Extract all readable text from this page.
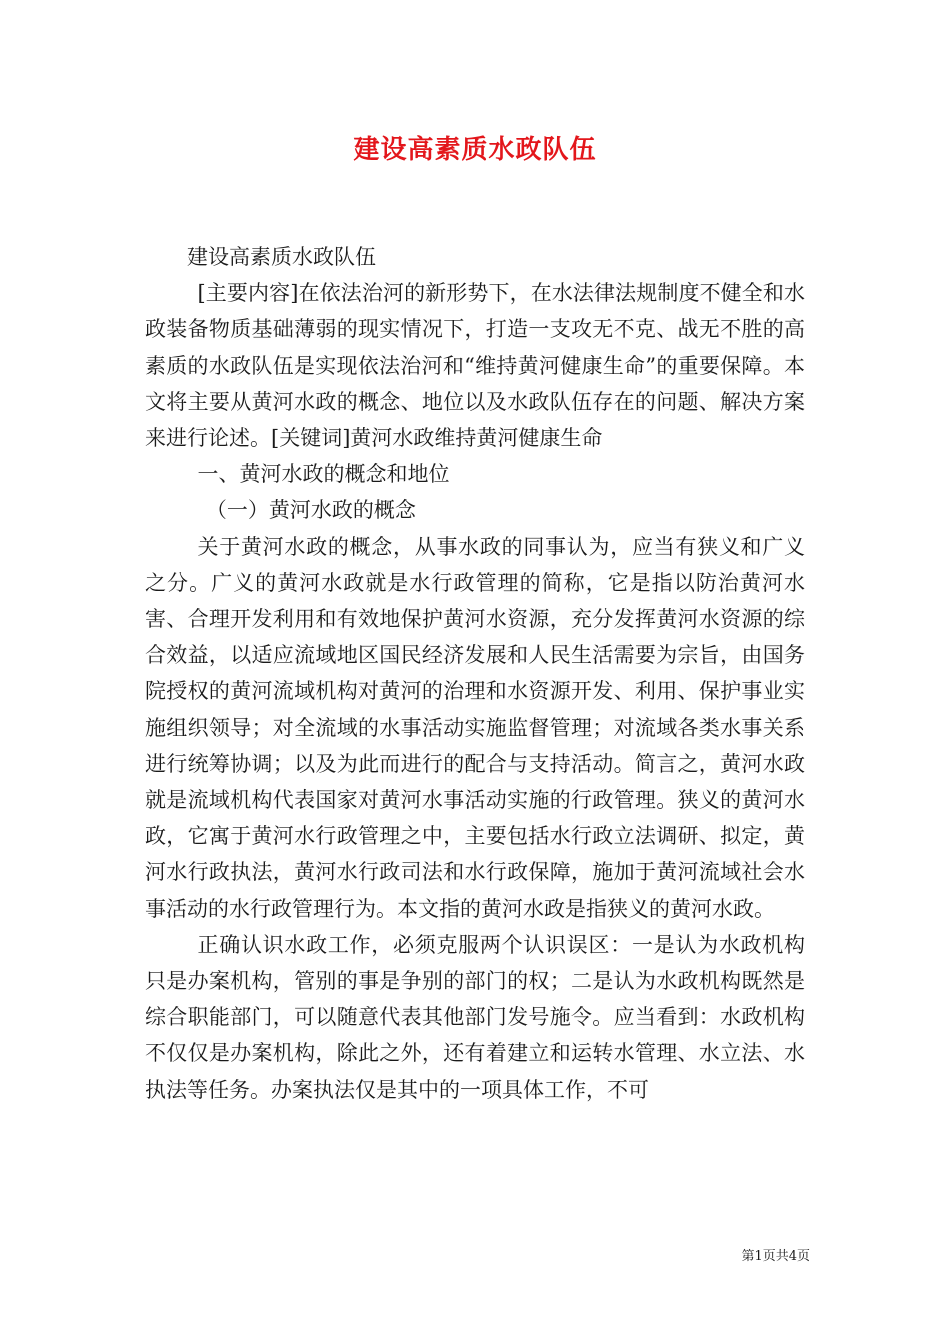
建设高素质水政队伍

建设高素质水政队伍

[主要内容]在依法治河的新形势下，在水法律法规制度不健全和水政装备物质基础薄弱的现实情况下，打造一支攻无不克、战无不胜的高素质的水政队伍是实现依法治河和“维持黄河健康生命”的重要保障。本文将主要从黄河水政的概念、地位以及水政队伍存在的问题、解决方案来进行论述。[关键词]黄河水政维持黄河健康生命

一、黄河水政的概念和地位

（一）黄河水政的概念

关于黄河水政的概念，从事水政的同事认为，应当有狭义和广义之分。广义的黄河水政就是水行政管理的简称，它是指以防治黄河水害、合理开发利用和有效地保护黄河水资源，充分发挥黄河水资源的综合效益，以适应流域地区国民经济发展和人民生活需要为宗旨，由国务院授权的黄河流域机构对黄河的治理和水资源开发、利用、保护事业实施组织领导；对全流域的水事活动实施监督管理；对流域各类水事关系进行统筹协调；以及为此而进行的配合与支持活动。简言之，黄河水政就是流域机构代表国家对黄河水事活动实施的行政管理。狭义的黄河水政，它寓于黄河水行政管理之中，主要包括水行政立法调研、拟定，黄河水行政执法，黄河水行政司法和水行政保障，施加于黄河流域社会水事活动的水行政管理行为。本文指的黄河水政是指狭义的黄河水政。

正确认识水政工作，必须克服两个认识误区：一是认为水政机构只是办案机构，管别的事是争别的部门的权；二是认为水政机构既然是综合职能部门，可以随意代表其他部门发号施令。应当看到：水政机构不仅仅是办案机构，除此之外，还有着建立和运转水管理、水立法、水执法等任务。办案执法仅是其中的一项具体工作，不可

第1页共4页
